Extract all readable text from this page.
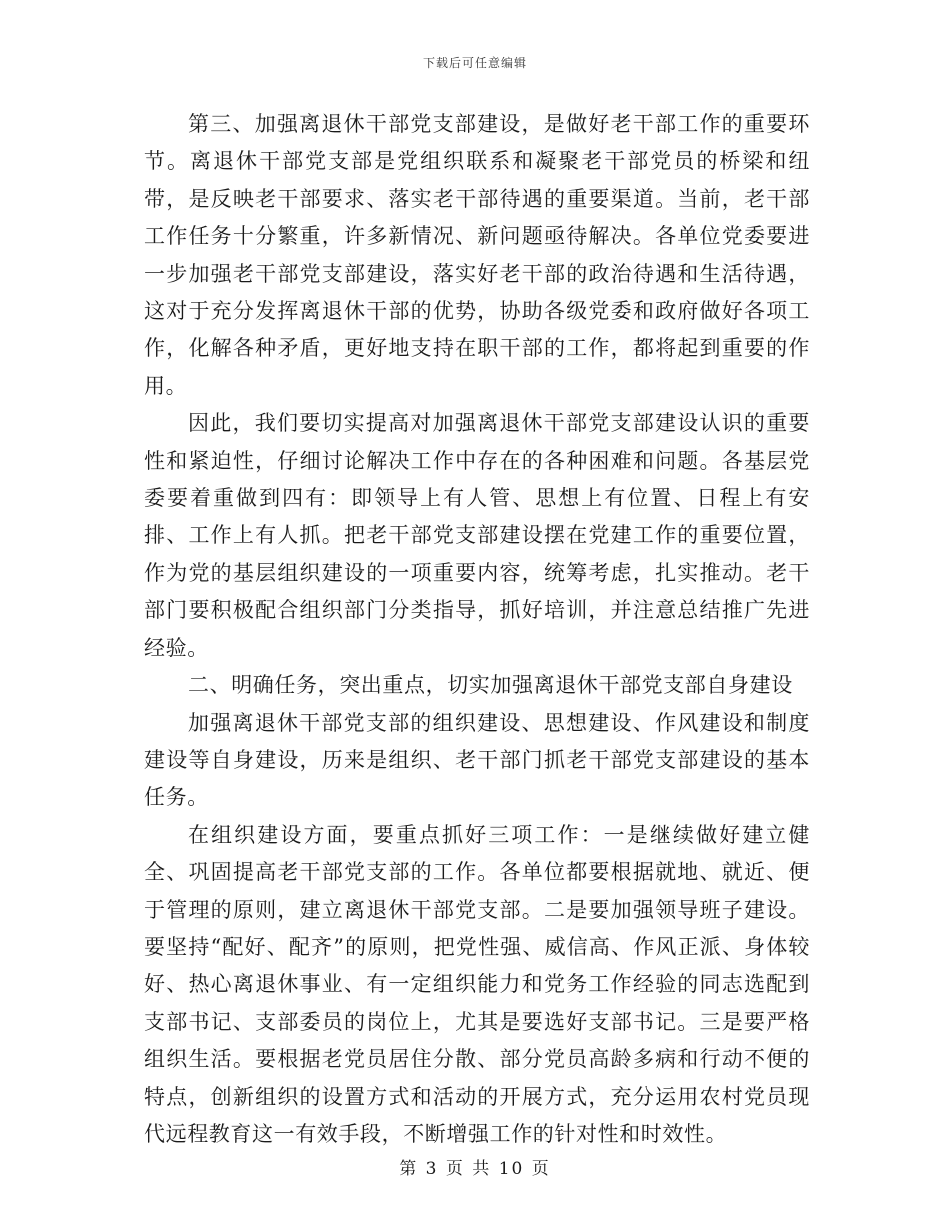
下载后可任意编辑

第三、加强离退休干部党支部建设，是做好老干部工作的重要环节。离退休干部党支部是党组织联系和凝聚老干部党员的桥梁和纽带，是反映老干部要求、落实老干部待遇的重要渠道。当前，老干部工作任务十分繁重，许多新情况、新问题亟待解决。各单位党委要进一步加强老干部党支部建设，落实好老干部的政治待遇和生活待遇，这对于充分发挥离退休干部的优势，协助各级党委和政府做好各项工作，化解各种矛盾，更好地支持在职干部的工作，都将起到重要的作用。

因此，我们要切实提高对加强离退休干部党支部建设认识的重要性和紧迫性，仔细讨论解决工作中存在的各种困难和问题。各基层党委要着重做到四有：即领导上有人管、思想上有位置、日程上有安排、工作上有人抓。把老干部党支部建设摆在党建工作的重要位置，作为党的基层组织建设的一项重要内容，统筹考虑，扎实推动。老干部门要积极配合组织部门分类指导，抓好培训，并注意总结推广先进经验。

二、明确任务，突出重点，切实加强离退休干部党支部自身建设

加强离退休干部党支部的组织建设、思想建设、作风建设和制度建设等自身建设，历来是组织、老干部门抓老干部党支部建设的基本任务。

在组织建设方面，要重点抓好三项工作：一是继续做好建立健全、巩固提高老干部党支部的工作。各单位都要根据就地、就近、便于管理的原则，建立离退休干部党支部。二是要加强领导班子建设。要坚持“配好、配齐”的原则，把党性强、威信高、作风正派、身体较好、热心离退休事业、有一定组织能力和党务工作经验的同志选配到支部书记、支部委员的岗位上，尤其是要选好支部书记。三是要严格组织生活。要根据老党员居住分散、部分党员高龄多病和行动不便的特点，创新组织的设置方式和活动的开展方式，充分运用农村党员现代远程教育这一有效手段，不断增强工作的针对性和时效性。

第 3 页 共 10 页
